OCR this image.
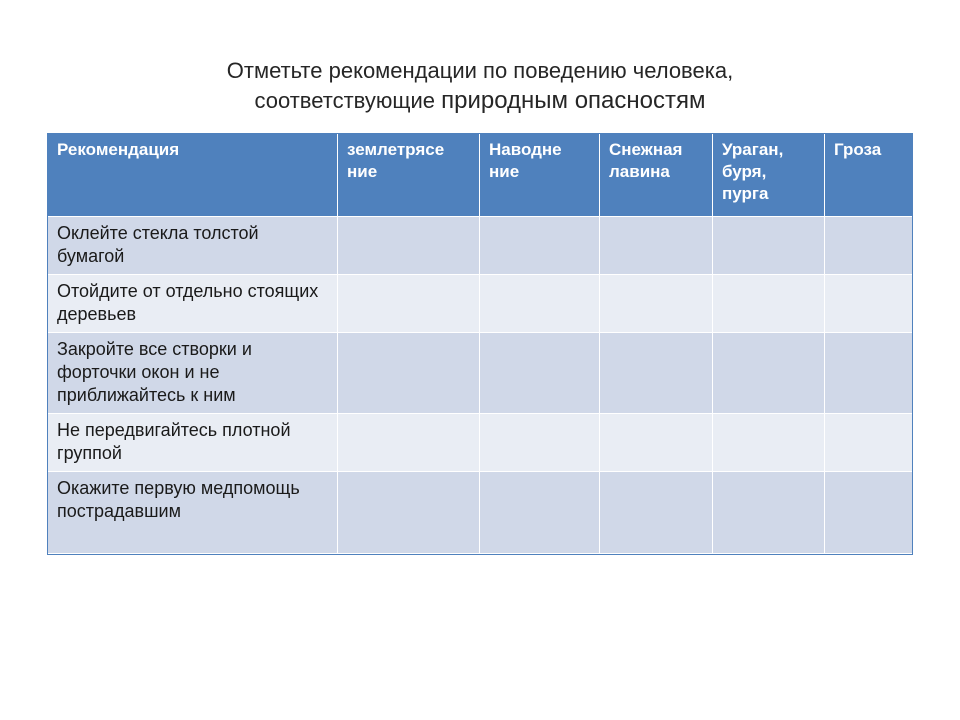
Отметьте рекомендации по поведению человека,
соответствующие природным опасностям
Рекомендация	землетрясе ние	Наводне ние	Снежная лавина	Ураган, буря, пурга	Гроза
Оклейте стекла толстой бумагой					
Отойдите от отдельно стоящих деревьев					
Закройте все створки и форточки окон и не приближайтесь к ним					
Не передвигайтесь плотной группой					
Окажите первую медпомощь пострадавшим					
